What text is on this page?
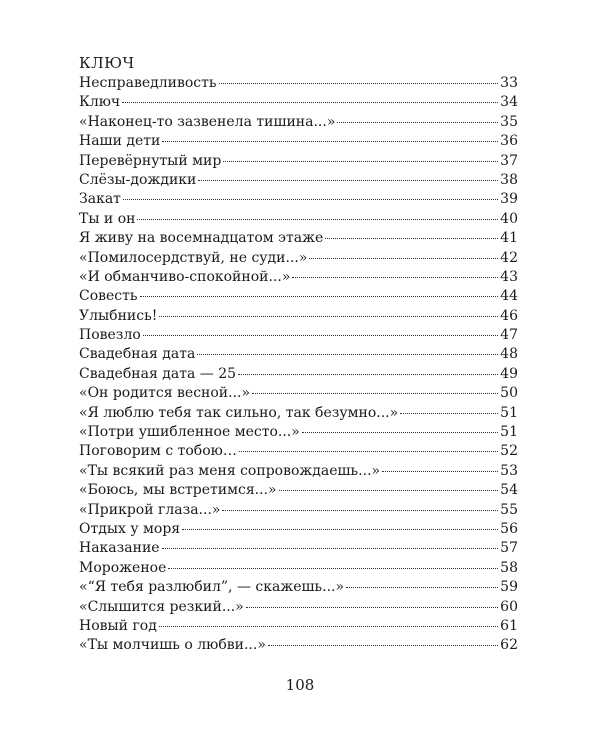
КЛЮЧ
Несправедливость	33
Ключ	34
«Наконец-то зазвенела тишина...»	35
Наши дети	36
Перевёрнутый мир	37
Слёзы-дождики	38
Закат	39
Ты и он	40
Я живу на восемнадцатом этаже	41
«Помилосердствуй, не суди...»	42
«И обманчиво-спокойной...»	43
Совесть	44
Улыбнись!	46
Повезло	47
Свадебная дата	48
Свадебная дата — 25	49
«Он родится весной...»	50
«Я люблю тебя так сильно, так безумно...»	51
«Потри ушибленное место...»	51
Поговорим с тобою…	52
«Ты всякий раз меня сопровождаешь...»	53
«Боюсь, мы встретимся...»	54
«Прикрой глаза...»	55
Отдых у моря	56
Наказание	57
Мороженое	58
«“Я тебя разлюбил”, — скажешь...»	59
«Слышится резкий...»	60
Новый год	61
«Ты молчишь о любви...»	62
108
